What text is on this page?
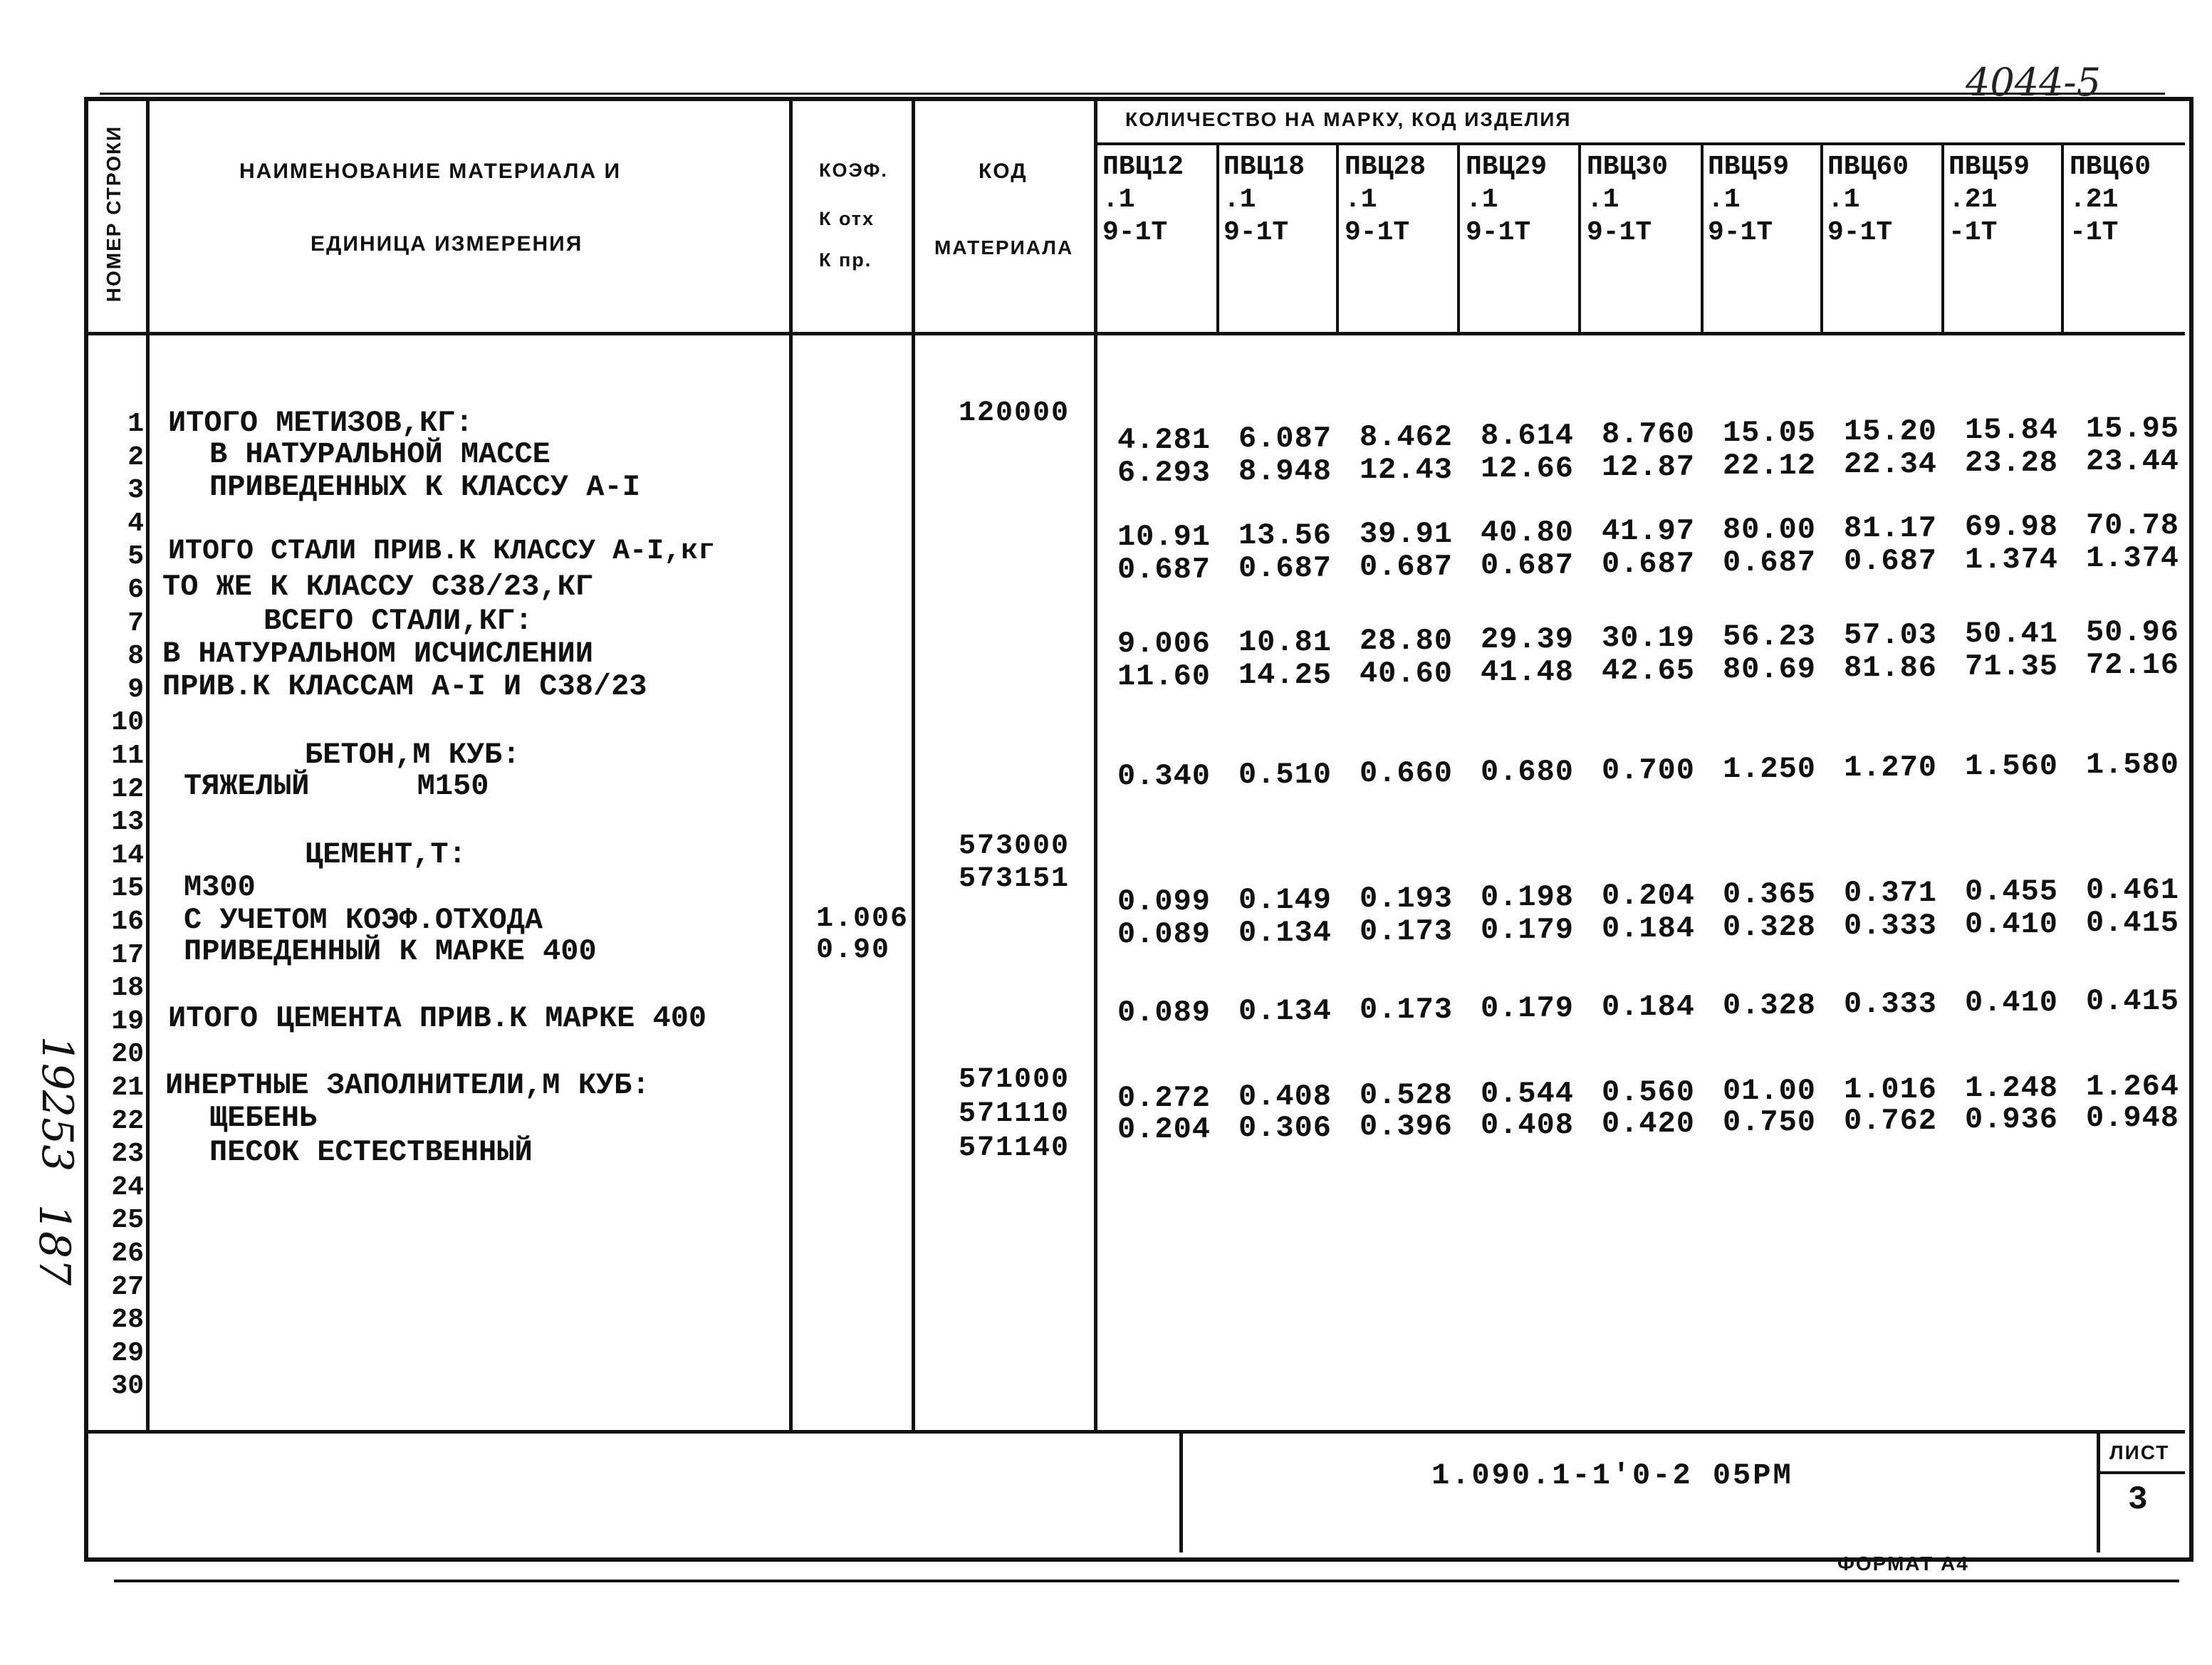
НОМЕР СТРОКИ	НАИМЕНОВАНИЕ МАТЕРИАЛА И
ЕДИНИЦА ИЗМЕРЕНИЯ
КОЭФ.
К отх
К пр.
КОД
МАТЕРИАЛА
КОЛИЧЕСТВО НА МАРКУ, КОД ИЗДЕЛИЯ
ПВЦ12
.1
9-1Т
ПВЦ18
.1
9-1Т
ПВЦ28
.1
9-1Т
ПВЦ29
.1
9-1Т
ПВЦ30
.1
9-1Т
ПВЦ59
.1
9-1Т
ПВЦ60
.1
9-1Т
ПВЦ59
.21
-1Т
ПВЦ60
.21
-1Т
1
2
3
4
5
6
7
8
9
10
11
12
13
14
15
16
17
18
19
20
21
22
23
24
25
26
27
28
29
30
ИТОГО МЕТИЗОВ,КГ:
В НАТУРАЛЬНОЙ МАССЕ
ПРИВЕДЕННЫХ К КЛАССУ А-I
ИТОГО СТАЛИ ПРИВ.К КЛАССУ А-I,кг
ТО ЖЕ К КЛАССУ С38/23,КГ
ВСЕГО СТАЛИ,КГ:
В НАТУРАЛЬНОМ ИСЧИСЛЕНИИ
ПРИВ.К КЛАССАМ А-I И С38/23
БЕТОН,М КУБ:
ТЯЖЕЛЫЙ      М150
ЦЕМЕНТ,Т:
М300
С УЧЕТОМ КОЭФ.ОТХОДА
ПРИВЕДЕННЫЙ К МАРКЕ 400
ИТОГО ЦЕМЕНТА ПРИВ.К МАРКЕ 400
ИНЕРТНЫЕ ЗАПОЛНИТЕЛИ,М КУБ:
ЩЕБЕНЬ
ПЕСОК ЕСТЕСТВЕННЫЙ
1.006
0.90
120000
573000
573151
571000
571110
571140
4.281 6.087 8.462 8.614 8.760 15.05 15.20 15.84 15.95
6.293 8.948 12.43 12.66 12.87 22.12 22.34 23.28 23.44
10.91 13.56 39.91 40.80 41.97 80.00 81.17 69.98 70.78
0.687 0.687 0.687 0.687 0.687 0.687 0.687 1.374 1.374
9.006 10.81 28.80 29.39 30.19 56.23 57.03 50.41 50.96
11.60 14.25 40.60 41.48 42.65 80.69 81.86 71.35 72.16
0.340 0.510 0.660 0.680 0.700 1.250 1.270 1.560 1.580
0.099 0.149 0.193 0.198 0.204 0.365 0.371 0.455 0.461
0.089 0.134 0.173 0.179 0.184 0.328 0.333 0.410 0.415
0.089 0.134 0.173 0.179 0.184 0.328 0.333 0.410 0.415
0.272 0.408 0.528 0.544 0.560 01.00 1.016 1.248 1.264
0.204 0.306 0.396 0.408 0.420 0.750 0.762 0.936 0.948
1.090.1-1'0-2 05РМ
ЛИСТ
3
ФОРМАТ А4
4044-5
19253
187
